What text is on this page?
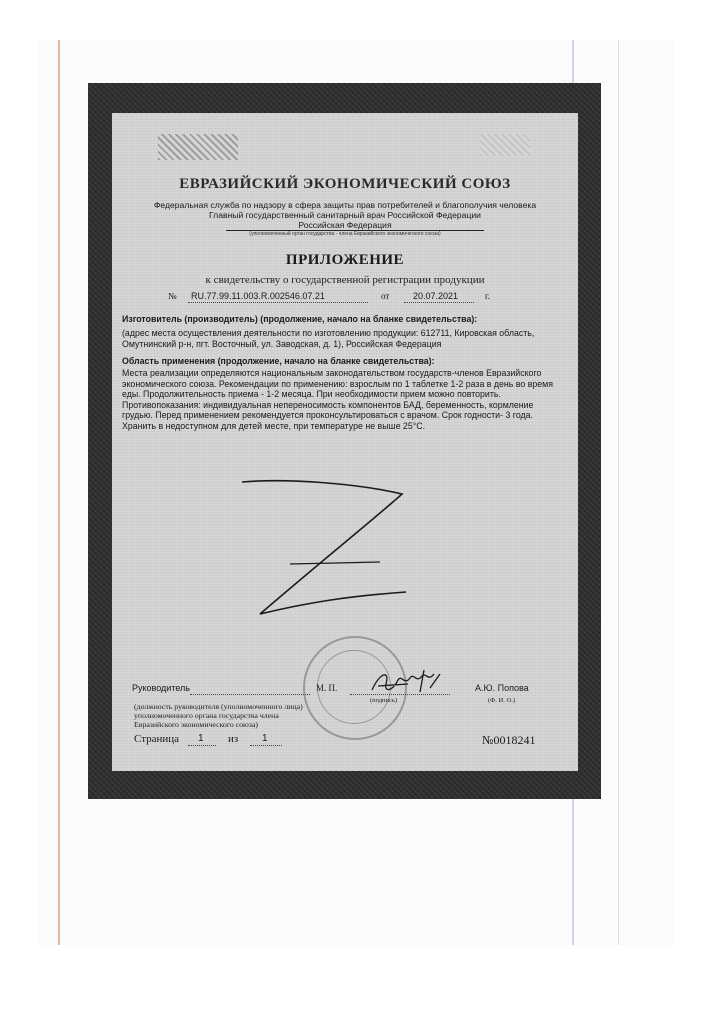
ЕВРАЗИЙСКИЙ ЭКОНОМИЧЕСКИЙ СОЮЗ
Федеральная служба по надзору в сфера защиты прав потребителей и благополучия человека
Главный государственный санитарный врач Российской Федерации
Российская Федерация
(уполномоченный орган государства - члена Евразийского экономического союза)
ПРИЛОЖЕНИЕ
к свидетельству о государственной регистрации продукции
№ RU.77.99.11.003.R.002546.07.21	от	20.07.2021	г.
Изготовитель (производитель) (продолжение, начало на бланке свидетельства):
(адрес места осуществления деятельности по изготовлению продукции: 612711, Кировская область, Омутнинский р-н, пгт. Восточный, ул. Заводская, д. 1), Российская Федерация
Область применения (продолжение, начало на бланке свидетельства):
Места реализации определяются национальным законодательством государств-членов Евразийского экономического союза. Рекомендации по применению: взрослым по 1 таблетке 1-2 раза в день во время еды. Продолжительность приема - 1-2 месяца. При необходимости прием можно повторить. Противопоказания: индивидуальная непереносимость компонентов БАД, беременность, кормление грудью. Перед применением рекомендуется проконсультироваться с врачом. Срок годности- 3 года. Хранить в недоступном для детей месте, при температуре не выше 25°С.
Руководитель	М. П.	А.Ю. Попова
(подпись)	(Ф. И. О.)
(должность руководителя (уполномоченного лица) уполномоченного органа государства члена Евразийского экономического союза)
Страница 1 из 1	№0018241
